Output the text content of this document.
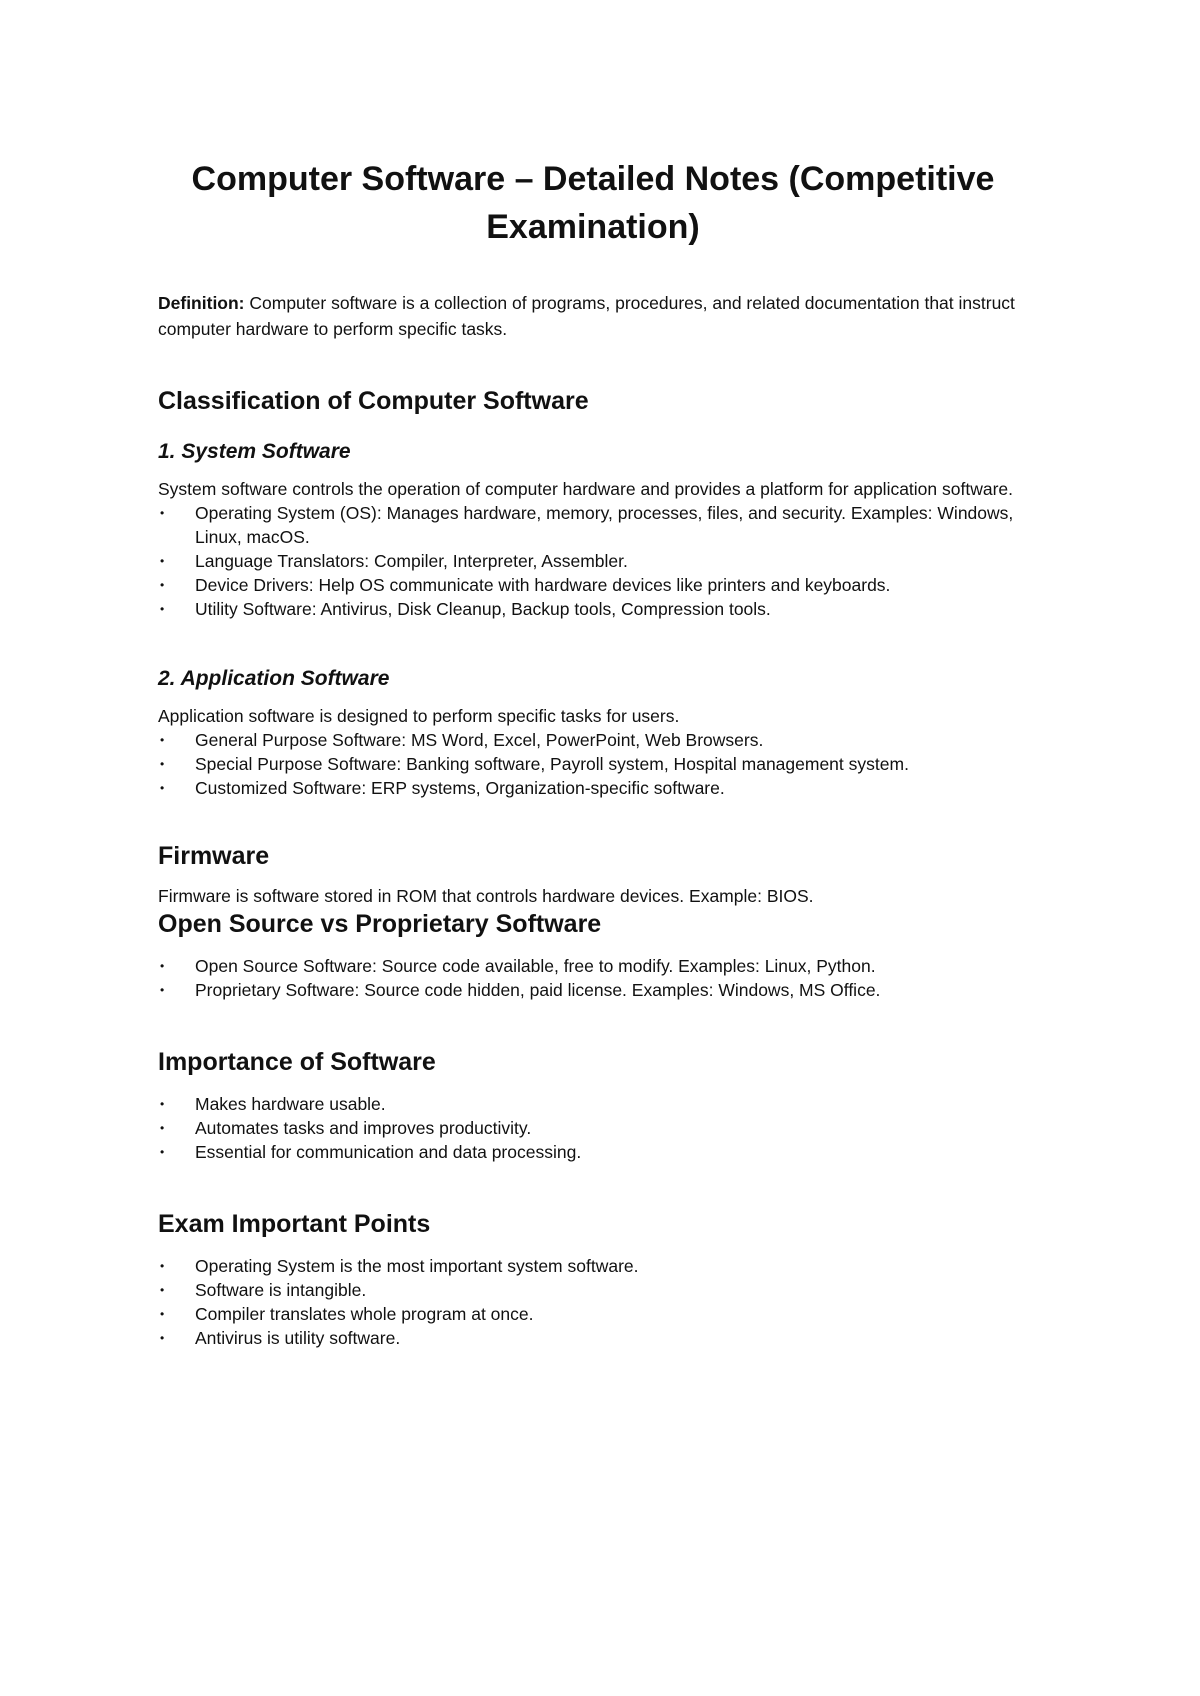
Computer Software – Detailed Notes (Competitive Examination)

Definition: Computer software is a collection of programs, procedures, and related documentation that instruct computer hardware to perform specific tasks.

Classification of Computer Software
1. System Software

System software controls the operation of computer hardware and provides a platform for application software.

• Operating System (OS): Manages hardware, memory, processes, files, and security. Examples: Windows, Linux, macOS.
• Language Translators: Compiler, Interpreter, Assembler.
• Device Drivers: Help OS communicate with hardware devices like printers and keyboards.
• Utility Software: Antivirus, Disk Cleanup, Backup tools, Compression tools.
2. Application Software

Application software is designed to perform specific tasks for users.

• General Purpose Software: MS Word, Excel, PowerPoint, Web Browsers.
• Special Purpose Software: Banking software, Payroll system, Hospital management system.
• Customized Software: ERP systems, Organization-specific software.
Firmware

Firmware is software stored in ROM that controls hardware devices. Example: BIOS.

Open Source vs Proprietary Software
• Open Source Software: Source code available, free to modify. Examples: Linux, Python.
• Proprietary Software: Source code hidden, paid license. Examples: Windows, MS Office.
Importance of Software
• Makes hardware usable.
• Automates tasks and improves productivity.
• Essential for communication and data processing.
Exam Important Points
• Operating System is the most important system software.
• Software is intangible.
• Compiler translates whole program at once.
• Antivirus is utility software.
